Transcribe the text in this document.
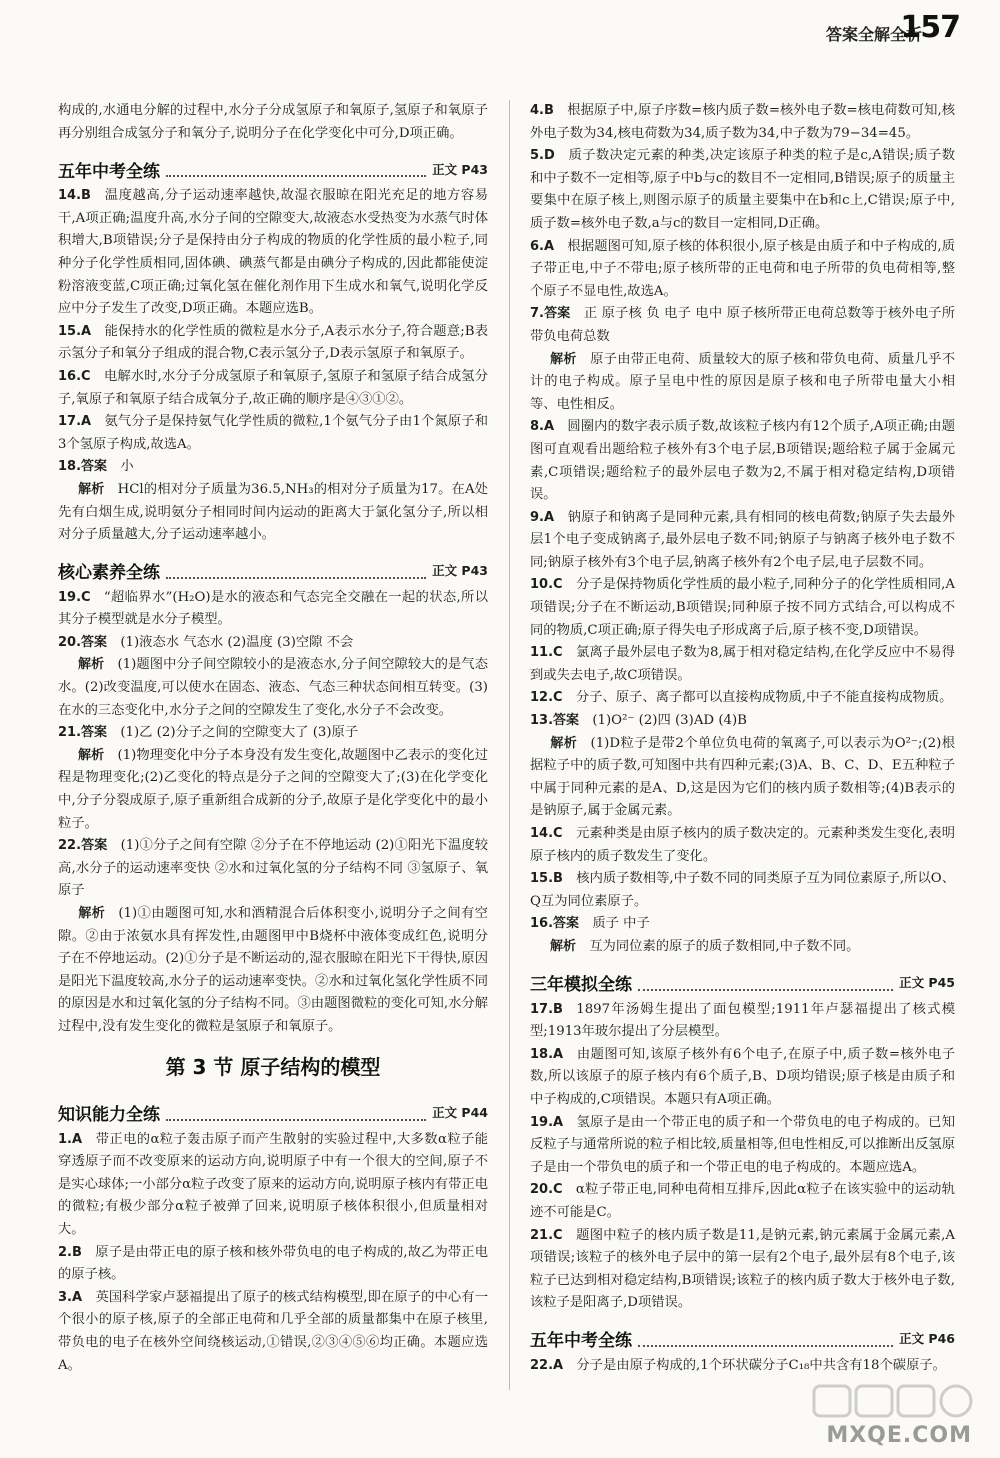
答案全解全析
157

构成的,水通电分解的过程中,水分子分成氢原子和氧原子,氢原子和氧原子再分别组合成氢分子和氧分子,说明分子在化学变化中可分,D项正确。

五年中考全练	正文 P43

14.B  温度越高,分子运动速率越快,故湿衣服晾在阳光充足的地方容易干,A项正确;温度升高,水分子间的空隙变大,故液态水受热变为水蒸气时体积增大,B项错误;分子是保持由分子构成的物质的化学性质的最小粒子,同种分子化学性质相同,固体碘、碘蒸气都是由碘分子构成的,因此都能使淀粉溶液变蓝,C项正确;过氧化氢在催化剂作用下生成水和氧气,说明化学反应中分子发生了改变,D项正确。本题应选B。

15.A  能保持水的化学性质的微粒是水分子,A表示水分子,符合题意;B表示氢分子和氧分子组成的混合物,C表示氢分子,D表示氢原子和氧原子。

16.C  电解水时,水分子分成氢原子和氧原子,氢原子和氢原子结合成氢分子,氧原子和氧原子结合成氧分子,故正确的顺序是④③①②。

17.A  氨气分子是保持氨气化学性质的微粒,1个氨气分子由1个氮原子和3个氢原子构成,故选A。

18.答案  小

  解析  HCl的相对分子质量为36.5,NH₃的相对分子质量为17。在A处先有白烟生成,说明氨分子相同时间内运动的距离大于氯化氢分子,所以相对分子质量越大,分子运动速率越小。

核心素养全练	正文 P43

19.C  “超临界水”(H₂O)是水的液态和气态完全交融在一起的状态,所以其分子模型就是水分子模型。

20.答案  (1)液态水 气态水 (2)温度 (3)空隙 不会

  解析  (1)题图中分子间空隙较小的是液态水,分子间空隙较大的是气态水。(2)改变温度,可以使水在固态、液态、气态三种状态间相互转变。(3)在水的三态变化中,水分子之间的空隙发生了变化,水分子不会改变。

21.答案  (1)乙 (2)分子之间的空隙变大了 (3)原子

  解析  (1)物理变化中分子本身没有发生变化,故题图中乙表示的变化过程是物理变化;(2)乙变化的特点是分子之间的空隙变大了;(3)在化学变化中,分子分裂成原子,原子重新组合成新的分子,故原子是化学变化中的最小粒子。

22.答案  (1)①分子之间有空隙 ②分子在不停地运动 (2)①阳光下温度较高,水分子的运动速率变快 ②水和过氧化氢的分子结构不同 ③氢原子、氧原子

  解析  (1)①由题图可知,水和酒精混合后体积变小,说明分子之间有空隙。②由于浓氨水具有挥发性,由题图甲中B烧杯中液体变成红色,说明分子在不停地运动。(2)①分子是不断运动的,湿衣服晾在阳光下干得快,原因是阳光下温度较高,水分子的运动速率变快。②水和过氧化氢化学性质不同的原因是水和过氧化氢的分子结构不同。③由题图微粒的变化可知,水分解过程中,没有发生变化的微粒是氢原子和氧原子。

第 3 节 原子结构的模型
知识能力全练	正文 P44

1.A  带正电的α粒子轰击原子而产生散射的实验过程中,大多数α粒子能穿透原子而不改变原来的运动方向,说明原子中有一个很大的空间,原子不是实心球体;一小部分α粒子改变了原来的运动方向,说明原子核内有带正电的微粒;有极少部分α粒子被弹了回来,说明原子核体积很小,但质量相对大。

2.B  原子是由带正电的原子核和核外带负电的电子构成的,故乙为带正电的原子核。

3.A  英国科学家卢瑟福提出了原子的核式结构模型,即在原子的中心有一个很小的原子核,原子的全部正电荷和几乎全部的质量都集中在原子核里,带负电的电子在核外空间绕核运动,①错误,②③④⑤⑥均正确。本题应选A。

4.B  根据原子中,原子序数=核内质子数=核外电子数=核电荷数可知,核外电子数为34,核电荷数为34,质子数为34,中子数为79−34=45。

5.D  质子数决定元素的种类,决定该原子种类的粒子是c,A错误;质子数和中子数不一定相等,原子中b与c的数目不一定相同,B错误;原子的质量主要集中在原子核上,则图示原子的质量主要集中在b和c上,C错误;原子中,质子数=核外电子数,a与c的数目一定相同,D正确。

6.A  根据题图可知,原子核的体积很小,原子核是由质子和中子构成的,质子带正电,中子不带电;原子核所带的正电荷和电子所带的负电荷相等,整个原子不显电性,故选A。

7.答案  正 原子核 负 电子 电中 原子核所带正电荷总数等于核外电子所带负电荷总数

  解析  原子由带正电荷、质量较大的原子核和带负电荷、质量几乎不计的电子构成。原子呈电中性的原因是原子核和电子所带电量大小相等、电性相反。

8.A  圆圈内的数字表示质子数,故该粒子核内有12个质子,A项正确;由题图可直观看出题给粒子核外有3个电子层,B项错误;题给粒子属于金属元素,C项错误;题给粒子的最外层电子数为2,不属于相对稳定结构,D项错误。

9.A  钠原子和钠离子是同种元素,具有相同的核电荷数;钠原子失去最外层1个电子变成钠离子,最外层电子数不同;钠原子与钠离子核外电子数不同;钠原子核外有3个电子层,钠离子核外有2个电子层,电子层数不同。

10.C  分子是保持物质化学性质的最小粒子,同种分子的化学性质相同,A项错误;分子在不断运动,B项错误;同种原子按不同方式结合,可以构成不同的物质,C项正确;原子得失电子形成离子后,原子核不变,D项错误。

11.C  氯离子最外层电子数为8,属于相对稳定结构,在化学反应中不易得到或失去电子,故C项错误。

12.C  分子、原子、离子都可以直接构成物质,中子不能直接构成物质。

13.答案  (1)O²⁻ (2)四 (3)AD (4)B

  解析  (1)D粒子是带2个单位负电荷的氧离子,可以表示为O²⁻;(2)根据粒子中的质子数,可知图中共有四种元素;(3)A、B、C、D、E五种粒子中属于同种元素的是A、D,这是因为它们的核内质子数相等;(4)B表示的是钠原子,属于金属元素。

14.C  元素种类是由原子核内的质子数决定的。元素种类发生变化,表明原子核内的质子数发生了变化。

15.B  核内质子数相等,中子数不同的同类原子互为同位素原子,所以O、Q互为同位素原子。

16.答案  质子 中子

  解析  互为同位素的原子的质子数相同,中子数不同。

三年模拟全练	正文 P45

17.B  1897年汤姆生提出了面包模型;1911年卢瑟福提出了核式模型;1913年玻尔提出了分层模型。

18.A  由题图可知,该原子核外有6个电子,在原子中,质子数=核外电子数,所以该原子的原子核内有6个质子,B、D项均错误;原子核是由质子和中子构成的,C项错误。本题只有A项正确。

19.A  氢原子是由一个带正电的质子和一个带负电的电子构成的。已知反粒子与通常所说的粒子相比较,质量相等,但电性相反,可以推断出反氢原子是由一个带负电的质子和一个带正电的电子构成的。本题应选A。

20.C  α粒子带正电,同种电荷相互排斥,因此α粒子在该实验中的运动轨迹不可能是C。

21.C  题图中粒子的核内质子数是11,是钠元素,钠元素属于金属元素,A项错误;该粒子的核外电子层中的第一层有2个电子,最外层有8个电子,该粒子已达到相对稳定结构,B项错误;该粒子的核内质子数大于核外电子数,该粒子是阳离子,D项错误。

五年中考全练	正文 P46

22.A  分子是由原子构成的,1个环状碳分子C₁₈中共含有18个碳原子。

MXQE.COM
